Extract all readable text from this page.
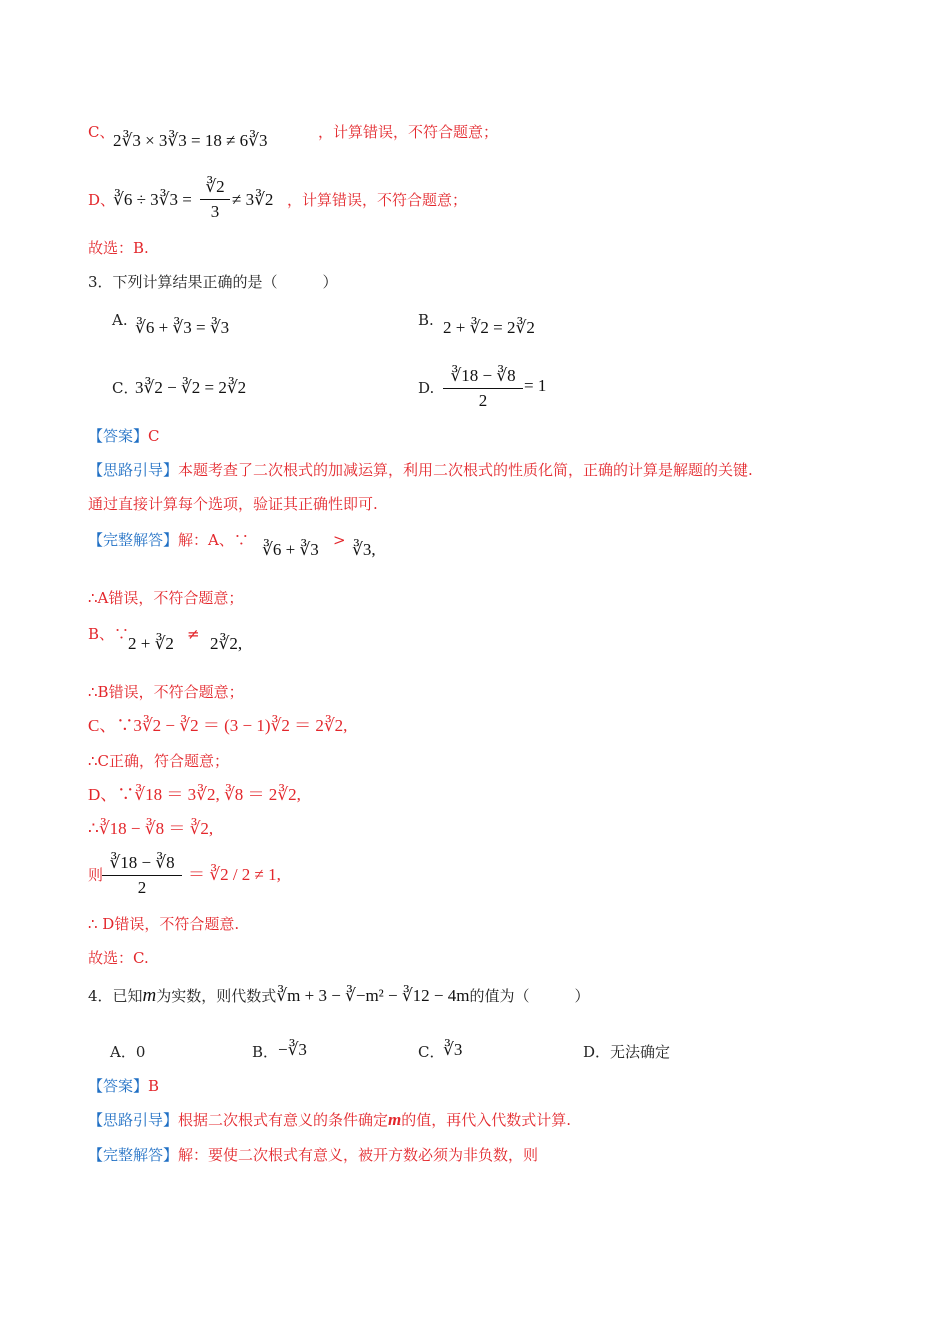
C、
2∛3 × 3∛3 = 18 ≠ 6∛3	，计算错误，不符合题意；
D、
∛6 ÷ 3∛3 =
∛2
3
≠ 3∛2 ，计算错误，不符合题意；
故选：B.
3．下列计算结果正确的是（　　　）
A. ∛6 + ∛3 = ∛3	B. 2 + ∛2 = 2∛2
C．
3∛2 − ∛2 = 2∛2	D.
∛18 − ∛8
2
= 1
【答案】C
【思路引导】本题考查了二次根式的加减运算，利用二次根式的性质化简，正确的计算是解题的关键.
通过直接计算每个选项，验证其正确性即可.
【完整解答】解：A、∵ ∛6 + ∛3 > ∛3,
∴A错误，不符合题意；
B、∵
2 + ∛2 ≠ 2∛2,
∴B错误，不符合题意；
C、∵3∛2 − ∛2 ＝ (3 − 1)∛2 ＝ 2∛2,
∴C正确，符合题意；
D、∵∛18 ＝ 3∛2, ∛8 ＝ 2∛2,
∴∛18 − ∛8 ＝ ∛2,
则
∛18 − ∛8
2
＝ ∛2 / 2 ≠ 1,
∴ D错误，不符合题意.
故选：C.
4．已知m为实数，则代数式∛m + 3 − ∛−m² − ∛12 − 4m的值为（　　　）
A．0	B． −∛3	C．
∛3	D．无法确定
【答案】B
【思路引导】根据二次根式有意义的条件确定m的值，再代入代数式计算.
【完整解答】解：要使二次根式有意义，被开方数必须为非负数，则
